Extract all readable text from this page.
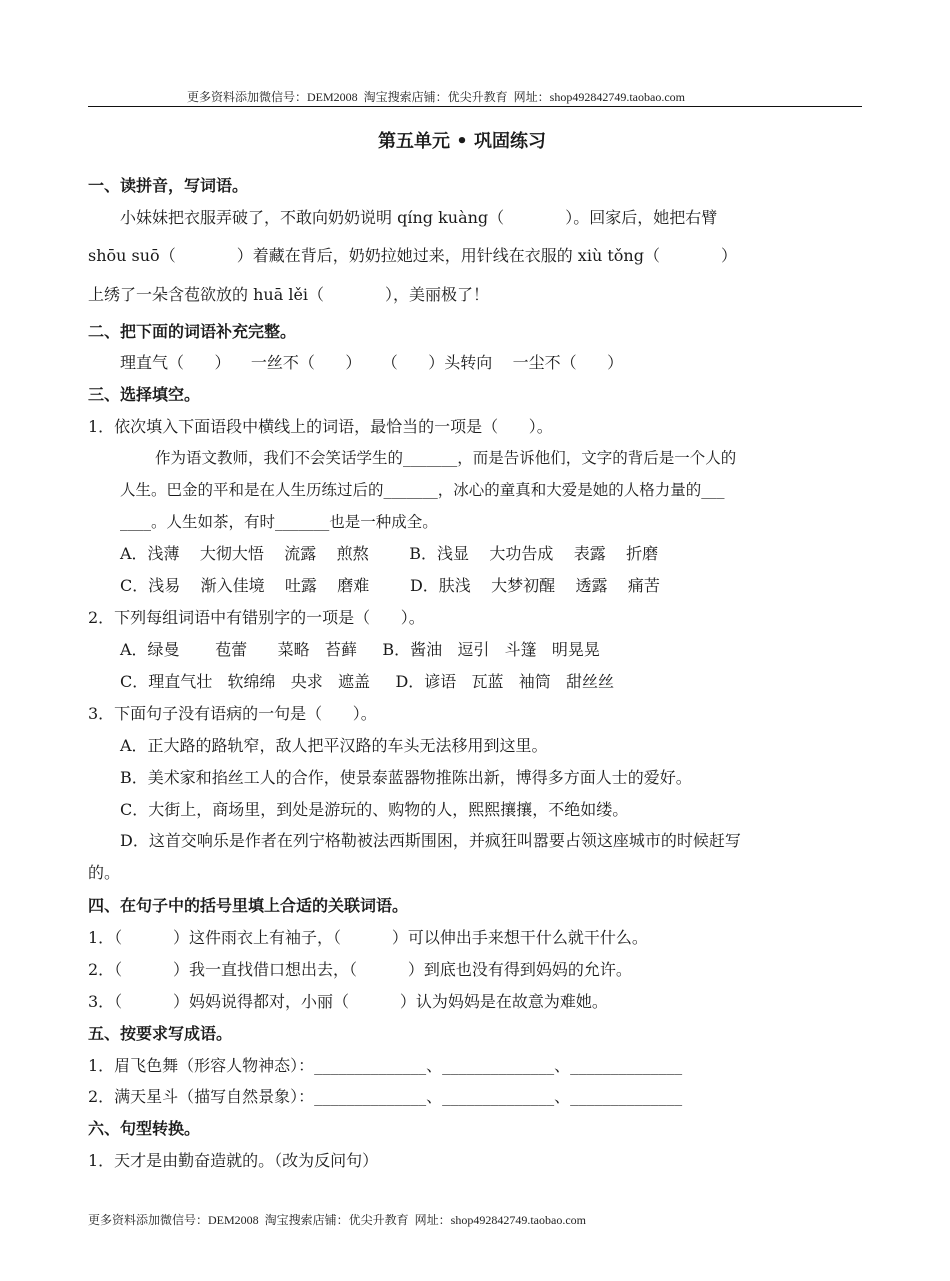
更多资料添加微信号：DEM2008  淘宝搜索店铺：优尖升教育  网址：shop492842749.taobao.com
第五单元 • 巩固练习
一、读拼音，写词语。
小妹妹把衣服弄破了，不敢向奶奶说明 qíng kuàng（            ）。回家后，她把右臂
shōu suō（            ）着藏在背后，奶奶拉她过来，用针线在衣服的 xiù tǒng（            ）
上绣了一朵含苞欲放的 huā lěi（            ），美丽极了！
二、把下面的词语补充完整。
理直气（      ）    一丝不（      ）    （      ）头转向    一尘不（      ）
三、选择填空。
1．依次填入下面语段中横线上的词语，最恰当的一项是（      ）。
作为语文教师，我们不会笑话学生的_______，而是告诉他们，文字的背后是一个人的
人生。巴金的平和是在人生历练过后的_______，冰心的童真和大爱是她的人格力量的___
____。人生如茶，有时_______也是一种成全。
A．浅薄    大彻大悟    流露    煎熬        B．浅显    大功告成    表露    折磨
C．浅易    渐入佳境    吐露    磨难        D．肤浅    大梦初醒    透露    痛苦
2．下列每组词语中有错别字的一项是（      ）。
A．绿曼       苞蕾      菜略   苔藓     B．酱油   逗引   斗篷   明晃晃
C．理直气壮   软绵绵   央求   遮盖     D．谚语   瓦蓝   袖筒   甜丝丝
3．下面句子没有语病的一句是（      ）。
A．正大路的路轨窄，敌人把平汉路的车头无法移用到这里。
B．美术家和掐丝工人的合作，使景泰蓝器物推陈出新，博得多方面人士的爱好。
C．大街上，商场里，到处是游玩的、购物的人，熙熙攘攘，不绝如缕。
D．这首交响乐是作者在列宁格勒被法西斯围困，并疯狂叫嚣要占领这座城市的时候赶写
的。
四、在句子中的括号里填上合适的关联词语。
1．（          ）这件雨衣上有袖子，（          ）可以伸出手来想干什么就干什么。
2．（          ）我一直找借口想出去，（          ）到底也没有得到妈妈的允许。
3．（          ）妈妈说得都对，小丽（          ）认为妈妈是在故意为难她。
五、按要求写成语。
1．眉飞色舞（形容人物神态）：______________、______________、______________
2．满天星斗（描写自然景象）：______________、______________、______________
六、句型转换。
1．天才是由勤奋造就的。（改为反问句）
更多资料添加微信号：DEM2008  淘宝搜索店铺：优尖升教育  网址：shop492842749.taobao.com
